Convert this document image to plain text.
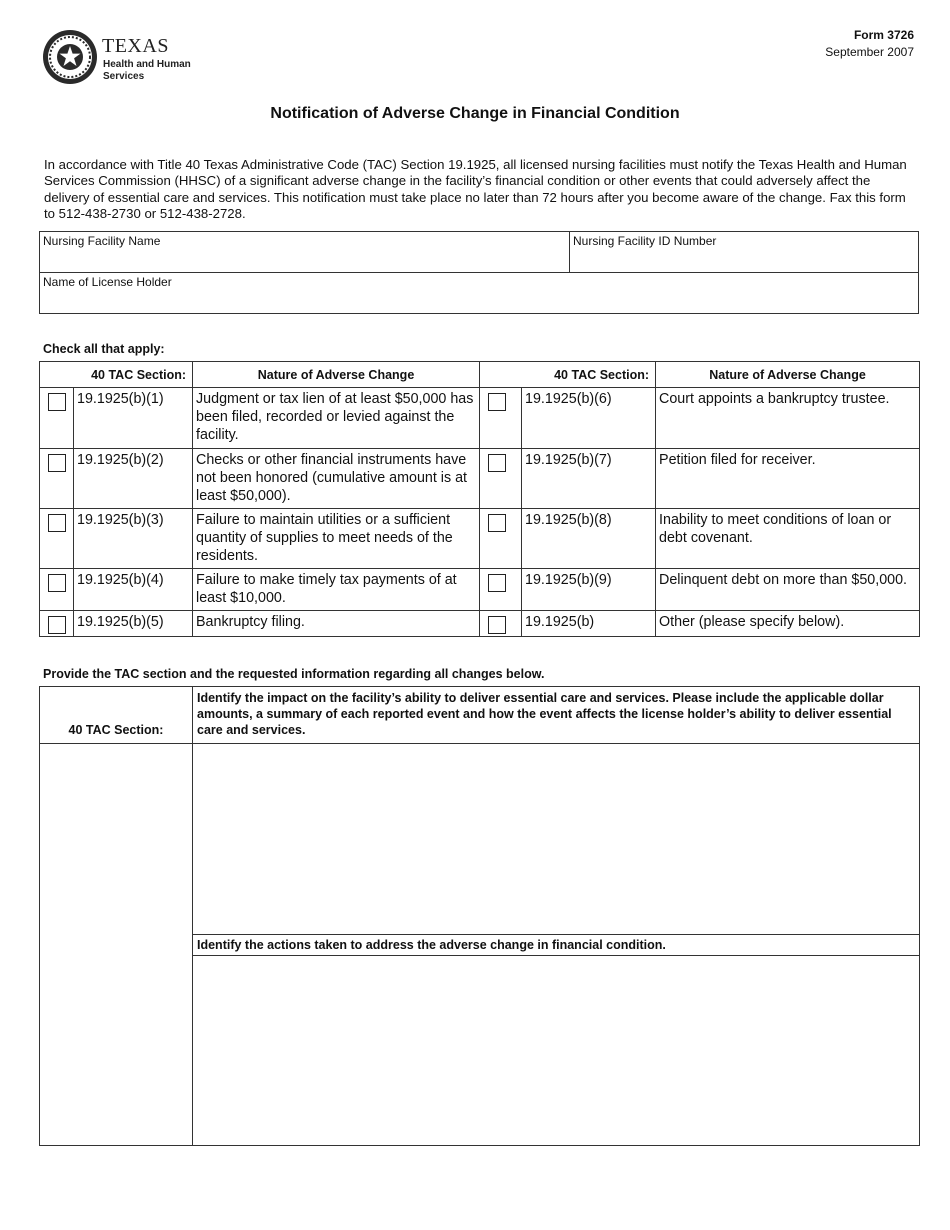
TEXAS
Health and Human Services
Form 3726
September 2007
Notification of Adverse Change in Financial Condition
In accordance with Title 40 Texas Administrative Code (TAC) Section 19.1925, all licensed nursing facilities must notify the Texas Health and Human Services Commission (HHSC) of a significant adverse change in the facility’s financial condition or other events that could adversely affect the delivery of essential care and services. This notification must take place no later than 72 hours after you become aware of the change. Fax this form to 512-438-2730 or 512-438-2728.
Nursing Facility Name	Nursing Facility ID Number
Name of License Holder
Check all that apply:
40 TAC Section:		Nature of Adverse Change	40 TAC Section:		Nature of Adverse Change

	19.1925(b)(1)	Judgment or tax lien of at least $50,000 has been filed, recorded or levied against the facility.		19.1925(b)(6)	Court appoints a bankruptcy trustee.

	19.1925(b)(2)	Checks or other financial instruments have not been honored (cumulative amount is at least $50,000).		19.1925(b)(7)	Petition filed for receiver.

	19.1925(b)(3)	Failure to maintain utilities or a sufficient quantity of supplies to meet needs of the residents.		19.1925(b)(8)	Inability to meet conditions of loan or debt covenant.

	19.1925(b)(4)	Failure to make timely tax payments of at least $10,000.		19.1925(b)(9)	Delinquent debt on more than $50,000.

	19.1925(b)(5)	Bankruptcy filing.		19.1925(b)	Other (please specify below).
Provide the TAC section and the requested information regarding all changes below.
40 TAC Section:	Identify the impact on the facility’s ability to deliver essential care and services. Please include the applicable dollar amounts, a summary of each reported event and how the event affects the license holder’s ability to deliver essential care and services.

	Identify the actions taken to address the adverse change in financial condition.
